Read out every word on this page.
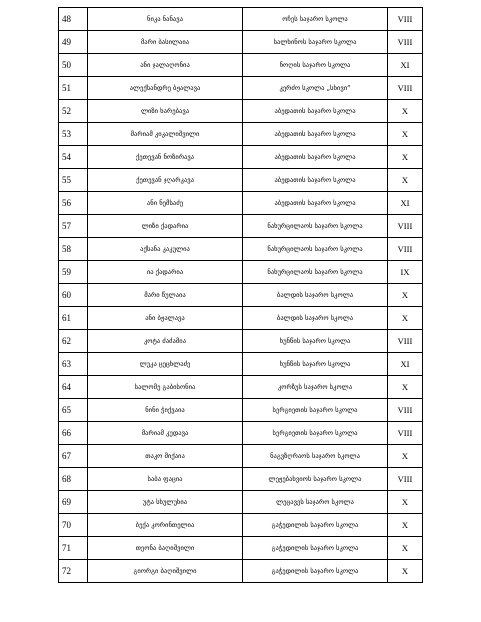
48	ნიკა ნანავა	ოჩეს საჯარო სკოლა	VIII
49	მარი ბასილაია	სალხინოს საჯარო სკოლა	VIII
50	ანი ჯალაღონია	ნოღის საჯარო სკოლა	XI
51	ალექსანდრე ბჟალავა	კერძო სკოლა „სხივი“	VIII
52	ლიზი ხარებავა	აბედათის საჯარო სკოლა	X
53	მარიამ კიკალიშვილი	აბედათის საჯარო სკოლა	X
54	ქეთევან ნოზირავა	აბედათის საჯარო სკოლა	X
55	ქეთევან ჯღარკავა	აბედათის საჯარო სკოლა	X
56	ანი ნემსაძე	აბედათის საჯარო სკოლა	XI
57	ლიზი ქადარია	ნახურცილაოს საჯარო სკოლა	VIII
58	აქსანა კაკულია	ნახურცილაოს საჯარო სკოლა	VIII
59	ია ქადარია	ნახურცილაოს საჯარო სკოლა	IX
60	მარი წულაია	ბალდის საჯარო სკოლა	X
61	ანი ბჟალავა	ბალდის საჯარო სკოლა	X
62	კოტა ძაძამია	ხუნწის საჯარო სკოლა	VIII
63	ლუკა ცეცხლაძე	ხუნწის საჯარო სკოლა	XI
64	სალომე გაბისონია	კორზუს საჯარო სკოლა	X
65	ნინი ჭიქვაია	სერგიეთის საჯარო სკოლა	VIII
66	მარიამ კუდავა	სერგიეთის საჯარო სკოლა	VIII
67	თაკო მიქაია	ნაგვზღრაოს საჯარო სკოლა	X
68	საბა ფაცია	ლეჟებახვიოს საჯარო სკოლა	VIII
69	უტა სხულუხია	ლეცავეს საჯარო სკოლა	X
70	ბექა კორინთელია	გაჭედილის საჯარო სკოლა	X
71	თეონა ბაღიშვილი	გაჭედილის საჯარო სკოლა	X
72	გიორგი ბაღიშვილი	გაჭედილის საჯარო სკოლა	X
